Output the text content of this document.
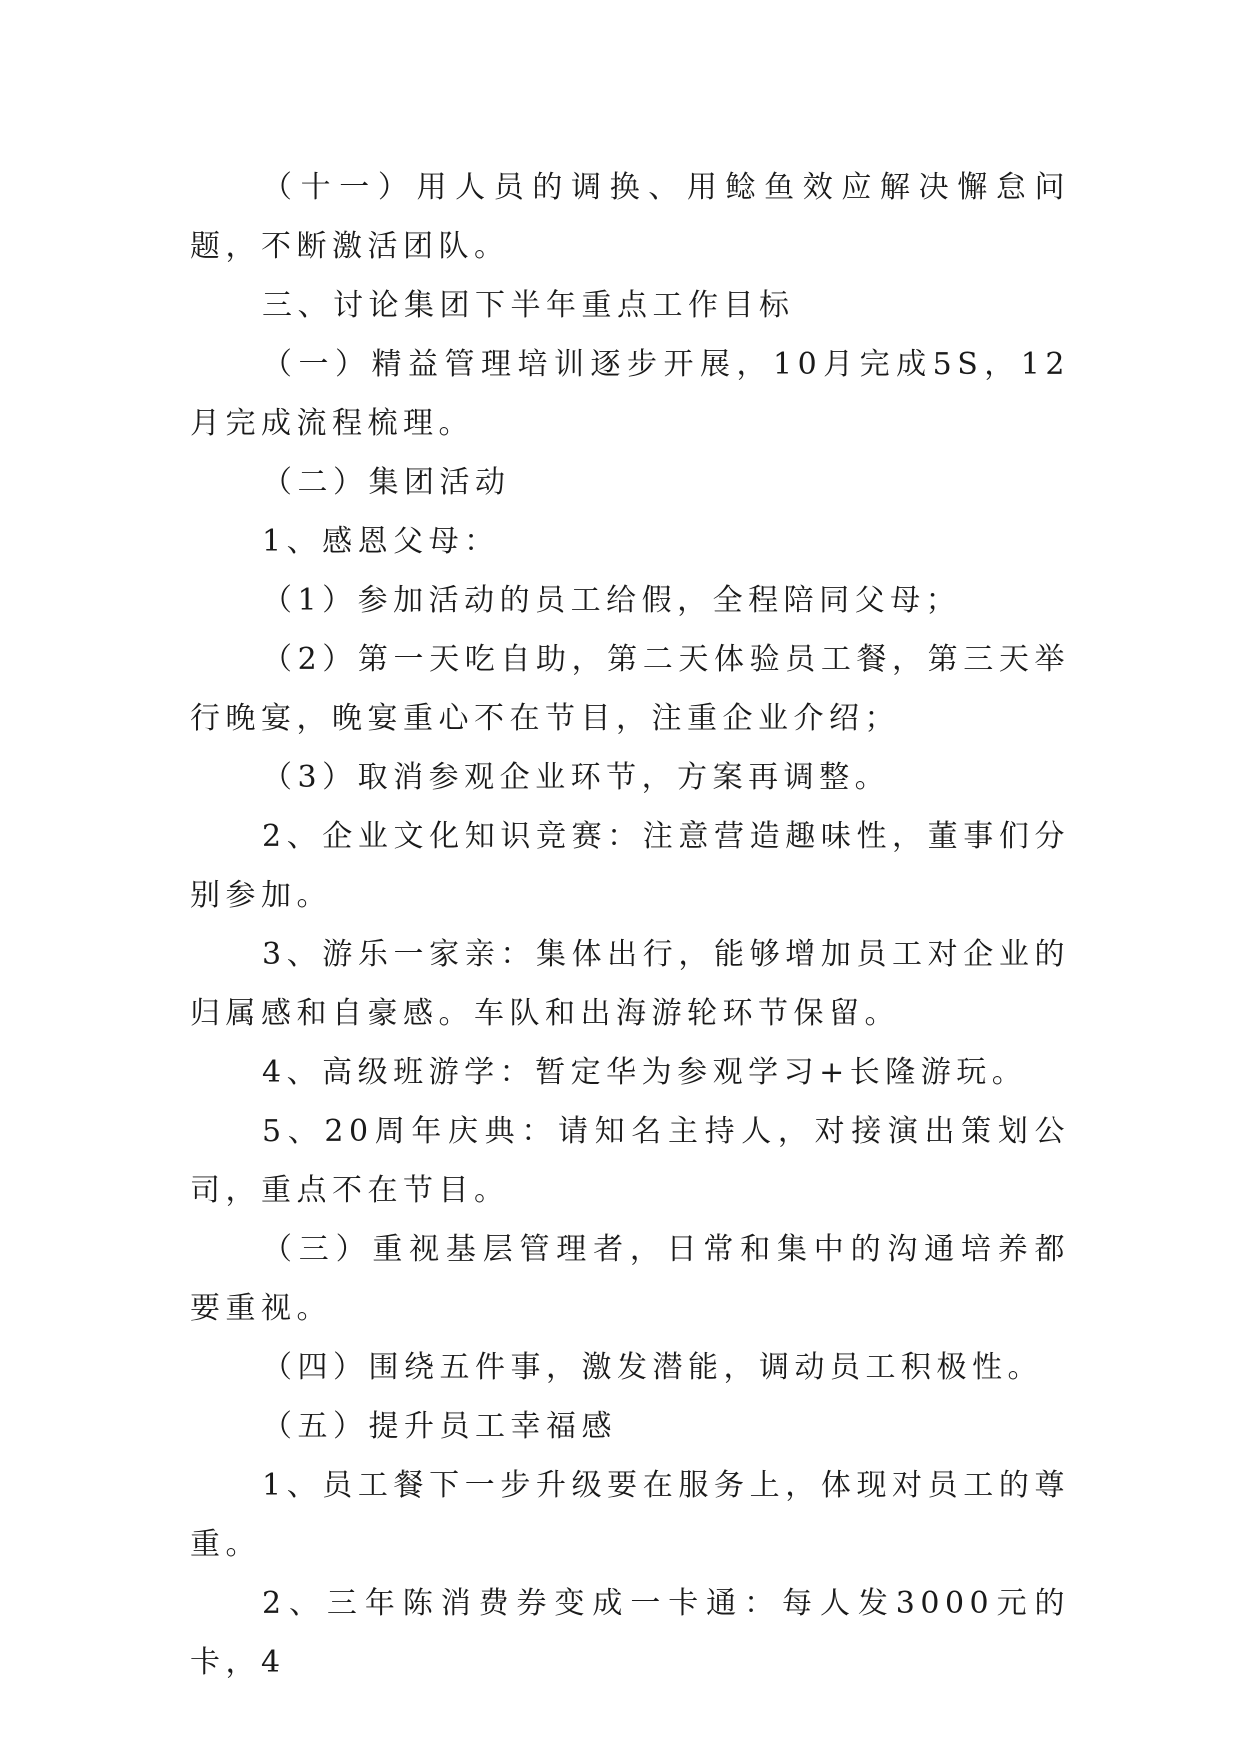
（十一）用人员的调换、用鲶鱼效应解决懈怠问题，不断激活团队。

三、讨论集团下半年重点工作目标

（一）精益管理培训逐步开展，10月完成5S，12月完成流程梳理。

（二）集团活动

1、感恩父母：

（1）参加活动的员工给假，全程陪同父母；

（2）第一天吃自助，第二天体验员工餐，第三天举行晚宴，晚宴重心不在节目，注重企业介绍；

（3）取消参观企业环节，方案再调整。

2、企业文化知识竞赛：注意营造趣味性，董事们分别参加。

3、游乐一家亲：集体出行，能够增加员工对企业的归属感和自豪感。车队和出海游轮环节保留。

4、高级班游学：暂定华为参观学习+长隆游玩。

5、20周年庆典：请知名主持人，对接演出策划公司，重点不在节目。

（三）重视基层管理者，日常和集中的沟通培养都要重视。

（四）围绕五件事，激发潜能，调动员工积极性。

（五）提升员工幸福感

1、员工餐下一步升级要在服务上，体现对员工的尊重。

2、三年陈消费券变成一卡通：每人发3000元的卡，4
